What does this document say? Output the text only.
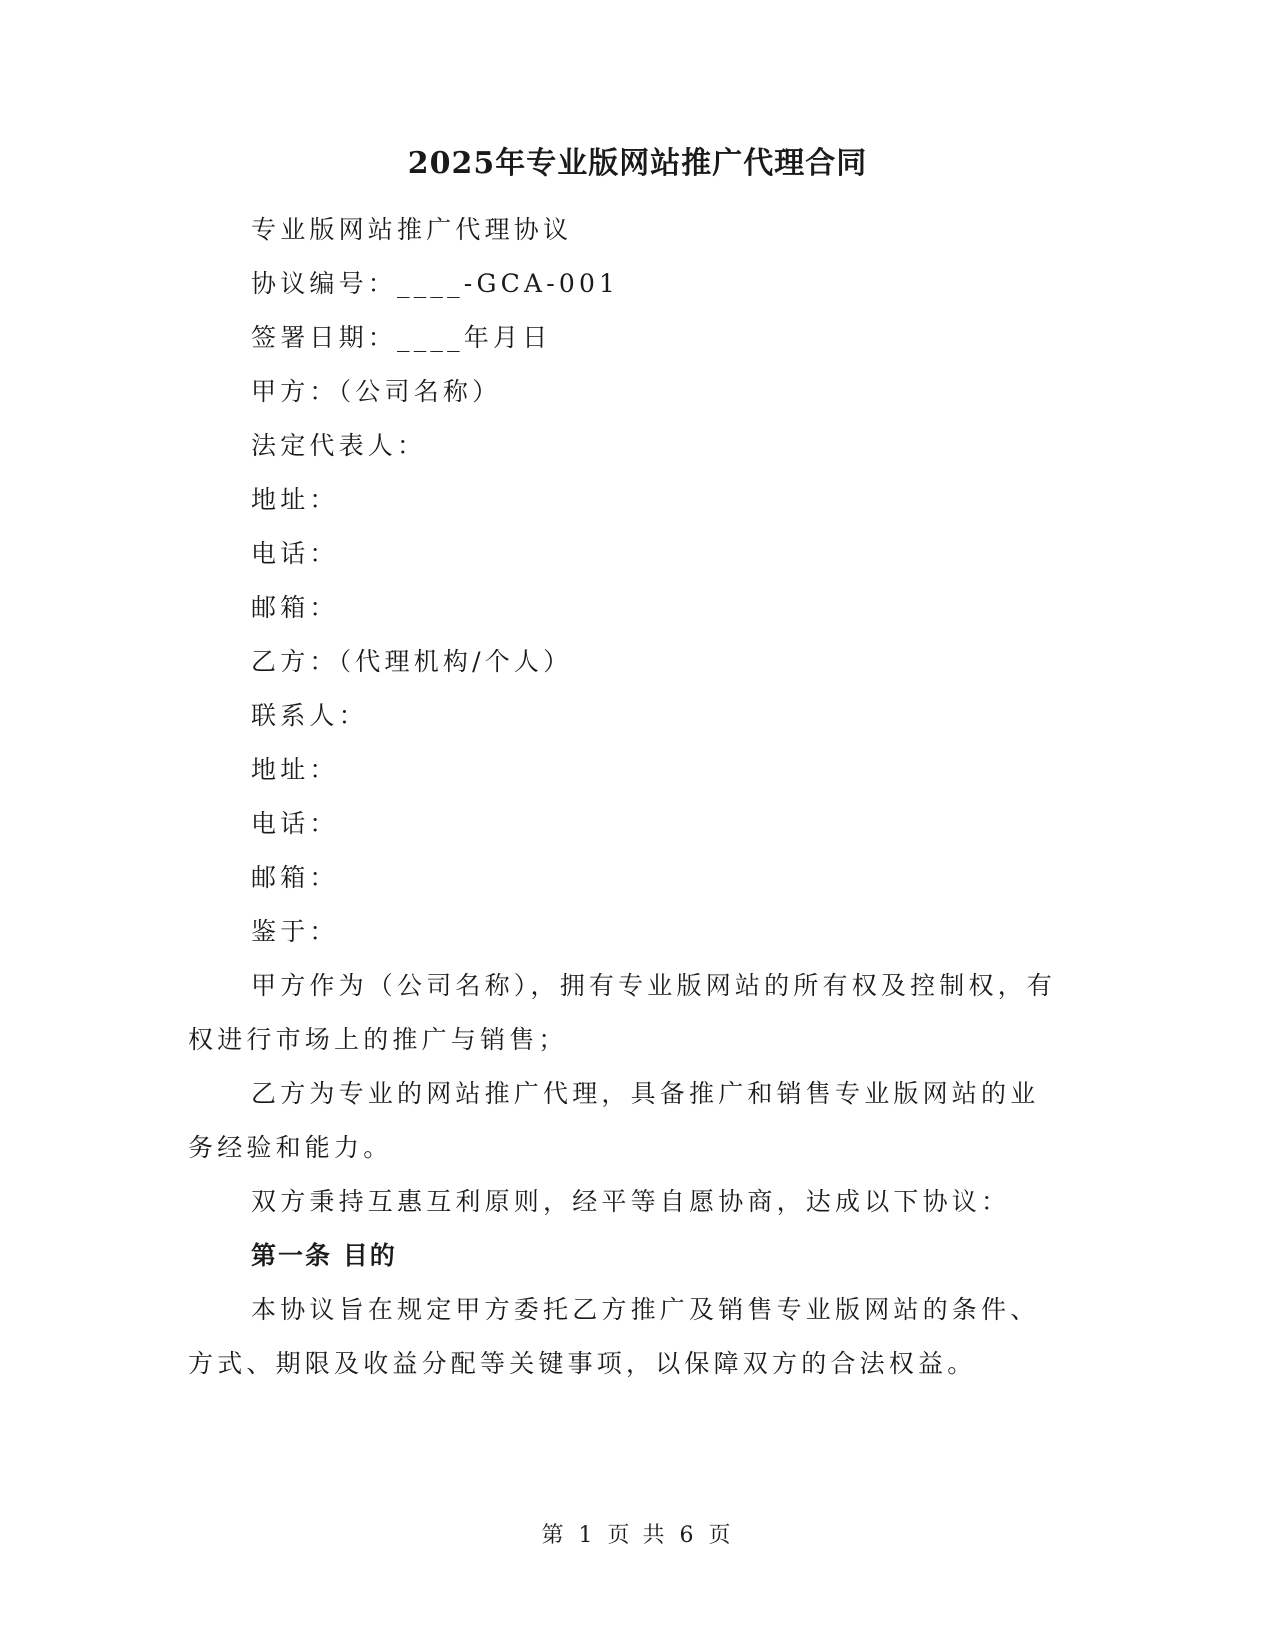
2025年专业版网站推广代理合同

专业版网站推广代理协议

协议编号：____-GCA-001

签署日期：____年月日

甲方：（公司名称）

法定代表人：

地址：

电话：

邮箱：

乙方：（代理机构/个人）

联系人：

地址：

电话：

邮箱：

鉴于：

甲方作为（公司名称），拥有专业版网站的所有权及控制权，有权进行市场上的推广与销售；

乙方为专业的网站推广代理，具备推广和销售专业版网站的业务经验和能力。

双方秉持互惠互利原则，经平等自愿协商，达成以下协议：

第一条 目的

本协议旨在规定甲方委托乙方推广及销售专业版网站的条件、方式、期限及收益分配等关键事项，以保障双方的合法权益。

第 1 页 共 6 页
